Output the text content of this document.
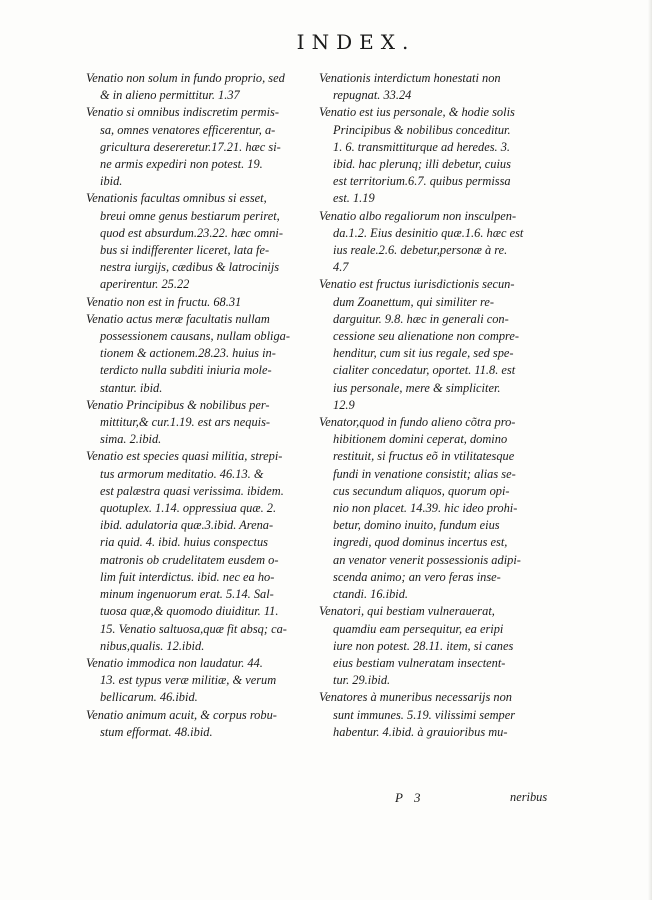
INDEX.

Venatio non solum in fundo proprio, sed
& in alieno permittitur. 1.37

Venatio si omnibus indiscretim permis-
sa, omnes venatores efficerentur, a-
gricultura desereretur.17.21. hæc si-
ne armis expediri non potest. 19.
ibid.

Venationis facultas omnibus si esset,
breui omne genus bestiarum periret,
quod est absurdum.23.22. hæc omni-
bus si indifferenter liceret, lata fe-
nestra iurgijs, cædibus & latrocinijs
aperirentur. 25.22

Venatio non est in fructu. 68.31

Venatio actus meræ facultatis nullam
possessionem causans, nullam obliga-
tionem & actionem.28.23. huius in-
terdicto nulla subditi iniuria mole-
stantur. ibid.

Venatio Principibus & nobilibus per-
mittitur,& cur.1.19. est ars nequis-
sima. 2.ibid.

Venatio est species quasi militia, strepi-
tus armorum meditatio. 46.13. &
est palæstra quasi verissima. ibidem.
quotuplex. 1.14. oppressiua quæ. 2.
ibid. adulatoria quæ.3.ibid. Arena-
ria quid. 4. ibid. huius conspectus
matronis ob crudelitatem eusdem o-
lim fuit interdictus. ibid. nec ea ho-
minum ingenuorum erat. 5.14. Sal-
tuosa quæ,& quomodo diuiditur. 11.
15. Venatio saltuosa,quæ fit absq; ca-
nibus,qualis. 12.ibid.

Venatio immodica non laudatur. 44.
13. est typus veræ militiæ, & verum
bellicarum. 46.ibid.

Venatio animum acuit, & corpus robu-
stum efformat. 48.ibid.

Venationis interdictum honestati non
repugnat. 33.24

Venatio est ius personale, & hodie solis
Principibus & nobilibus conceditur.
1. 6. transmittiturque ad heredes. 3.
ibid. hac plerunq; illi debetur, cuius
est territorium.6.7. quibus permissa
est. 1.19

Venatio albo regaliorum non insculpen-
da.1.2. Eius desinitio quæ.1.6. hæc est
ius reale.2.6. debetur,personæ à re.
4.7

Venatio est fructus iurisdictionis secun-
dum Zoanettum, qui similiter re-
darguitur. 9.8. hæc in generali con-
cessione seu alienatione non compre-
henditur, cum sit ius regale, sed spe-
cialiter concedatur, oportet. 11.8. est
ius personale, mere & simpliciter.
12.9

Venator,quod in fundo alieno cõtra pro-
hibitionem domini ceperat, domino
restituit, si fructus eõ in vtilitatesque
fundi in venatione consistit; alias se-
cus secundum aliquos, quorum opi-
nio non placet. 14.39. hic ideo prohi-
betur, domino inuito, fundum eius
ingredi, quod dominus incertus est,
an venator venerit possessionis adipi-
scenda animo; an vero feras inse-
ctandi. 16.ibid.

Venatori, qui bestiam vulnerauerat,
quamdiu eam persequitur, ea eripi
iure non potest. 28.11. item, si canes
eius bestiam vulneratam insectent-
tur. 29.ibid.

Venatores à muneribus necessarijs non
sunt immunes. 5.19. vilissimi semper
habentur. 4.ibid. à grauioribus mu-

P 3	neribus
